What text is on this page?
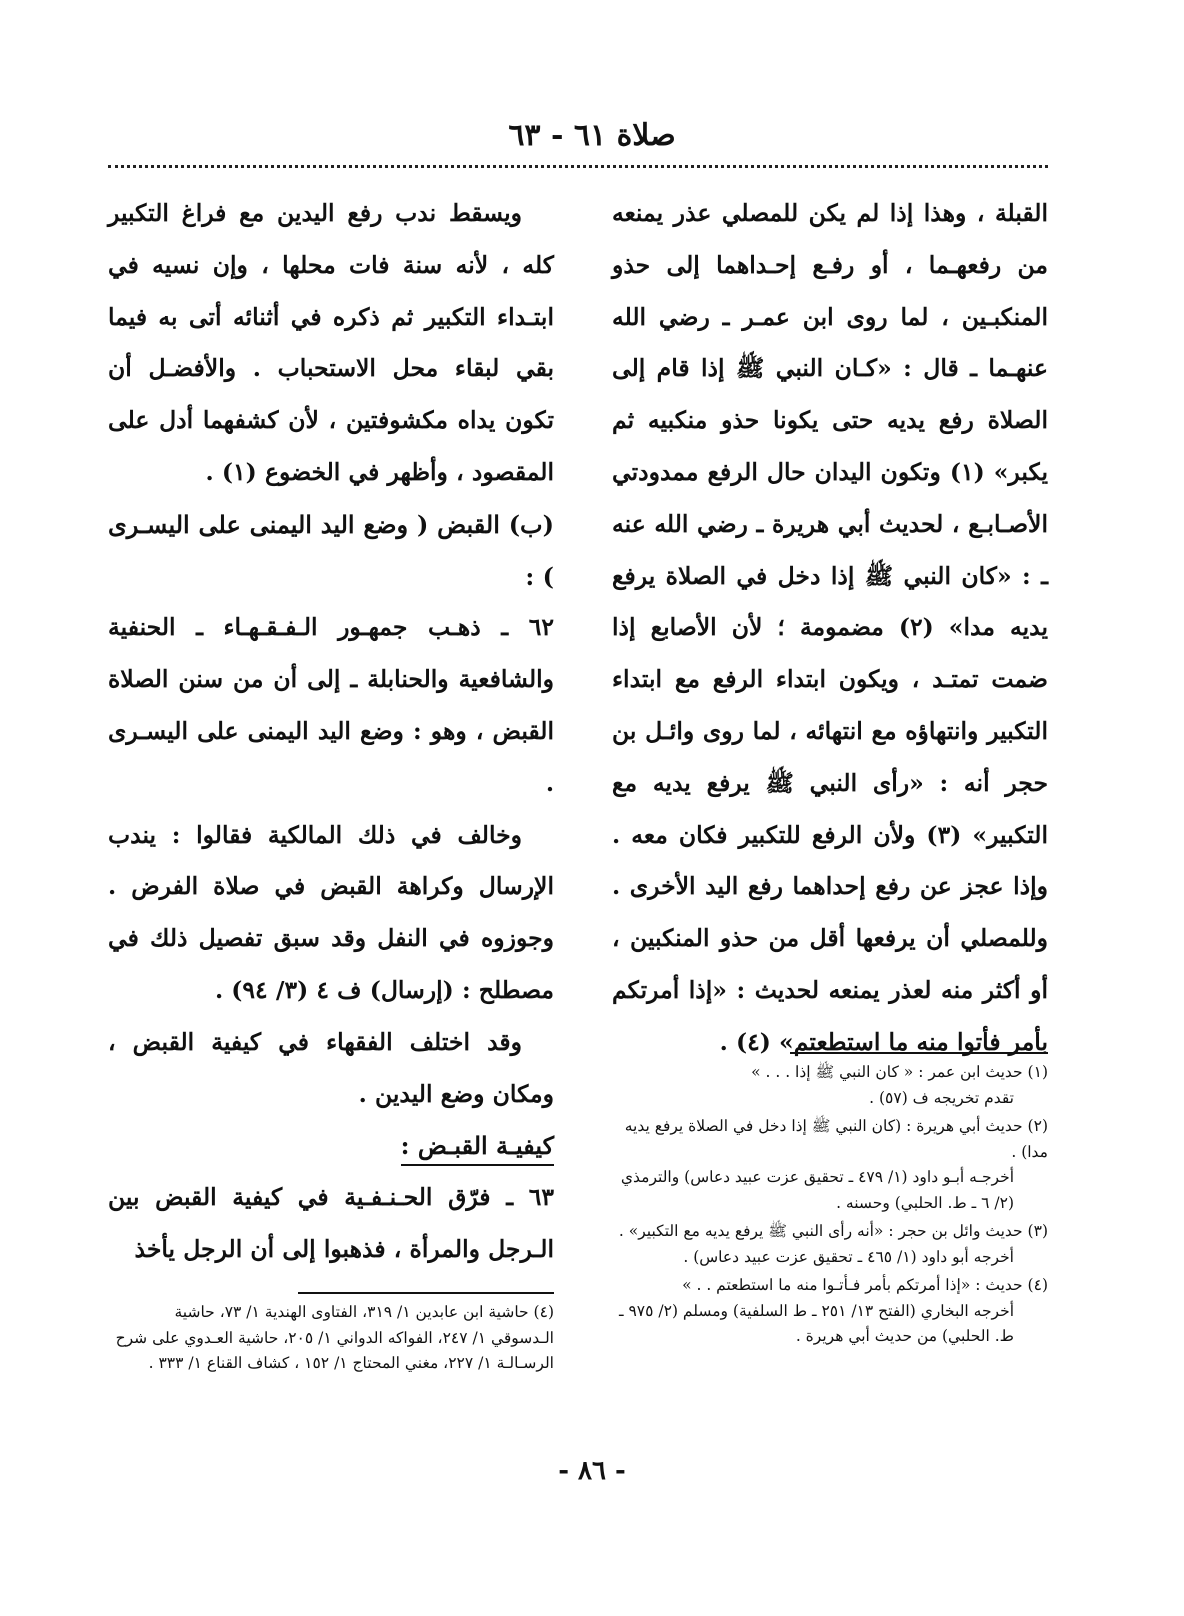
صلاة ٦١ - ٦٣

القبلة ، وهذا إذا لم يكن للمصلي عذر يمنعه من رفعهـما ، أو رفـع إحـداهما إلى حذو المنكبـين ، لما روى ابن عمـر ـ رضي الله عنهـما ـ قال : «كـان النبي ﷺ إذا قام إلى الصلاة رفع يديه حتى يكونا حذو منكبيه ثم يكبر» (١) وتكون اليدان حال الرفع ممدودتي الأصـابـع ، لحديث أبي هريرة ـ رضي الله عنه ـ : «كان النبي ﷺ إذا دخل في الصلاة يرفع يديه مدا» (٢) مضمومة ؛ لأن الأصابع إذا ضمت تمتـد ، ويكون ابتداء الرفع مع ابتداء التكبير وانتهاؤه مع انتهائه ، لما روى وائـل بن حجر أنه : «رأى النبي ﷺ يرفع يديه مع التكبير» (٣) ولأن الرفع للتكبير فكان معه . وإذا عجز عن رفع إحداهما رفع اليد الأخرى . وللمصلي أن يرفعها أقل من حذو المنكبين ، أو أكثر منه لعذر يمنعه لحديث : «إذا أمرتكم بأمر فأتوا منه ما استطعتم» (٤) .

ويسقط ندب رفع اليدين مع فراغ التكبير كله ، لأنه سنة فات محلها ، وإن نسيه في ابتـداء التكبير ثم ذكره في أثنائه أتى به فيما بقي لبقاء محل الاستحباب . والأفضـل أن تكون يداه مكشوفتين ، لأن كشفهما أدل على المقصود ، وأظهر في الخضوع (١) .

(ب) القبض ( وضع اليد اليمنى على اليسـرى ) :

٦٢ ـ ذهـب جمهـور الـفـقـهـاء ـ الحنفية والشافعية والحنابلة ـ إلى أن من سنن الصلاة القبض ، وهو : وضع اليد اليمنى على اليسـرى .

وخالف في ذلك المالكية فقالوا : يندب الإرسال وكراهة القبض في صلاة الفرض . وجوزوه في النفل وقد سبق تفصيل ذلك في مصطلح : (إرسال) ف ٤ (٣/ ٩٤) .

وقد اختلف الفقهاء في كيفية القبض ، ومكان وضع اليدين .

كيفيـة القبـض :

٦٣ ـ فرّق الحـنـفـية في كيفية القبض بين الـرجل والمرأة ، فذهبوا إلى أن الرجل يأخذ

(١) حديث ابن عمر : « كان النبي ﷺ إذا . . . »
تقدم تخريجه ف (٥٧) .
(٢) حديث أبي هريرة : (كان النبي ﷺ إذا دخل في الصلاة يرفع يديه مدا) .
أخرجـه أبـو داود (١/ ٤٧٩ ـ تحقيق عزت عبيد دعاس) والترمذي (٢/ ٦ ـ ط. الحلبي) وحسنه .
(٣) حديث وائل بن حجر : «أنه رأى النبي ﷺ يرفع يديه مع التكبير» .
أخرجه أبو داود (١/ ٤٦٥ ـ تحقيق عزت عبيد دعاس) .
(٤) حديث : «إذا أمرتكم بأمر فـأتـوا منه ما استطعتم . . »
أخرجه البخاري (الفتح ١٣/ ٢٥١ ـ ط السلفية) ومسلم (٢/ ٩٧٥ ـ ط. الحلبي) من حديث أبي هريرة .
(٤) حاشية ابن عابدين ١/ ٣١٩، الفتاوى الهندية ١/ ٧٣، حاشية الـدسوقي ١/ ٢٤٧، الفواكه الدواني ١/ ٢٠٥، حاشية العـدوي على شرح الرسـالـة ١/ ٢٢٧، مغني المحتاج ١/ ١٥٢ ، كشاف القناع ١/ ٣٣٣ .
- ٨٦ -
